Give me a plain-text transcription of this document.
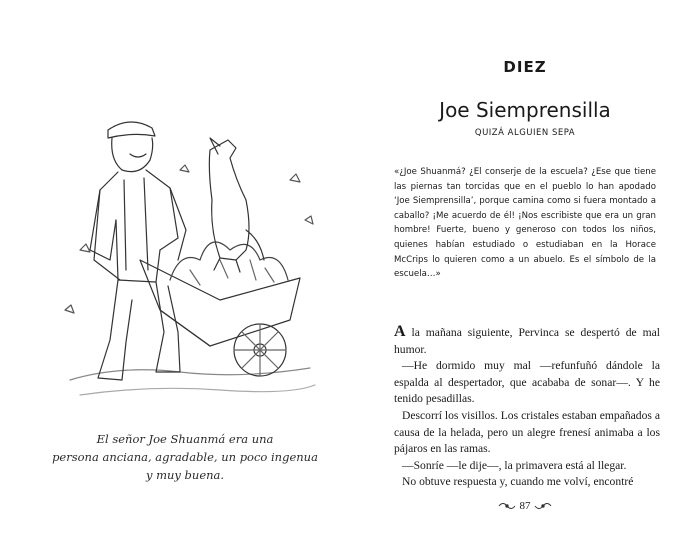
El señor Joe Shuanmá era una
persona anciana, agradable, un poco ingenua
y muy buena.
DIEZ
Joe Siemprensilla
QUIZÁ ALGUIEN SEPA
«¿Joe Shuanmá? ¿El conserje de la escuela? ¿Ese que tiene las piernas tan torcidas que en el pueblo lo han apodado ‘Joe Siemprensilla’, porque camina como si fuera montado a caballo? ¡Me acuerdo de él! ¡Nos escribiste que era un gran hombre! Fuerte, bueno y generoso con todos los niños, quienes habían estudiado o estudiaban en la Horace McCrips lo quieren como a un abuelo. Es el símbolo de la escuela…»

A la mañana siguiente, Pervinca se despertó de mal humor.

—He dormido muy mal —refunfuñó dándole la espalda al despertador, que acababa de sonar—. Y he tenido pesadillas.

Descorrí los visillos. Los cristales estaban empañados a causa de la helada, pero un alegre frenesí animaba a los pájaros en las ramas.

—Sonríe —le dije—, la primavera está al llegar.

No obtuve respuesta y, cuando me volví, encontré

87
